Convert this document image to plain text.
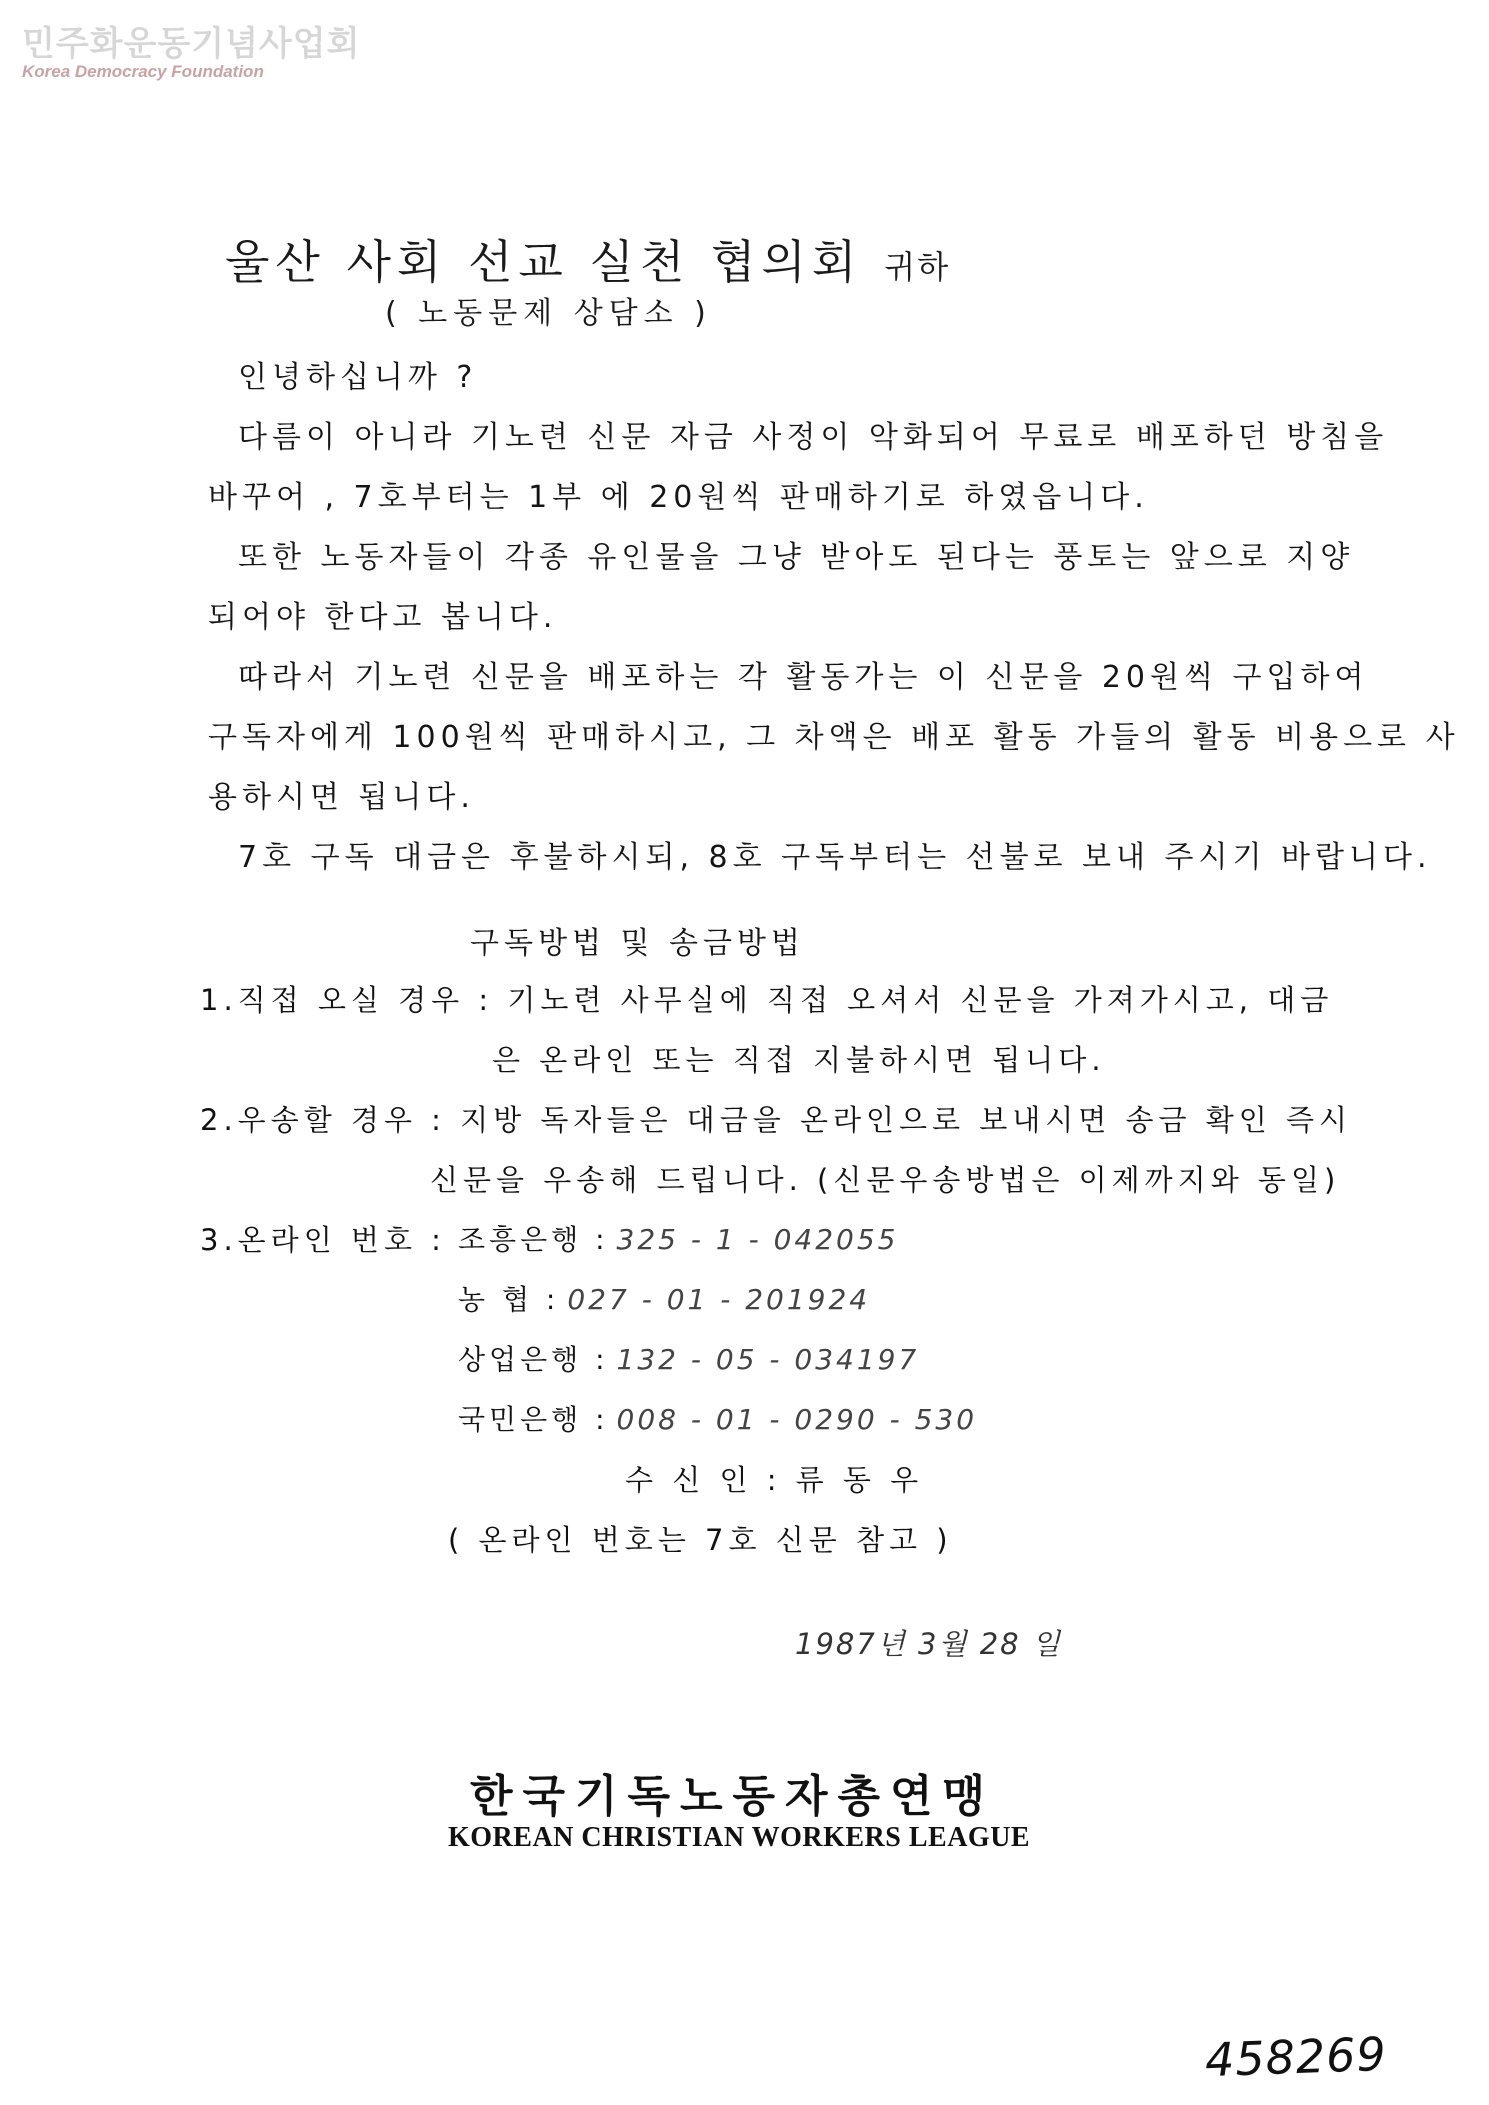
민주화운동기념사업회
Korea Democracy Foundation
울산 사회 선교 실천 협의회 귀하
( 노동문제 상담소 )
인녕하십니까 ?
다름이 아니라 기노련 신문 자금 사정이 악화되어 무료로 배포하던 방침을
바꾸어 , 7호부터는 1부 에 20원씩 판매하기로 하였읍니다.
또한 노동자들이 각종 유인물을 그냥 받아도 된다는 풍토는 앞으로 지양
되어야 한다고 봅니다.
따라서 기노련 신문을 배포하는 각 활동가는 이 신문을 20원씩 구입하여
구독자에게 100원씩 판매하시고, 그 차액은 배포 활동 가들의 활동 비용으로 사
용하시면 됩니다.
7호 구독 대금은 후불하시되, 8호 구독부터는 선불로 보내 주시기 바랍니다.
구독방법 및 송금방법
1.직접 오실 경우 : 기노련 사무실에 직접 오셔서 신문을 가져가시고, 대금
은 온라인 또는 직접 지불하시면 됩니다.
2.우송할 경우 : 지방 독자들은 대금을 온라인으로 보내시면 송금 확인 즉시
신문을 우송해 드립니다. (신문우송방법은 이제까지와 동일)
3.온라인 번호 : 조흥은행 : 325 - 1 - 042055
농 협 : 027 - 01 - 201924
상업은행 : 132 - 05 - 034197
국민은행 : 008 - 01 - 0290 - 530
수 신 인 : 류 동 우
( 온라인 번호는 7호 신문 참고 )
1987년 3월 28 일
한국기독노동자총연맹
KOREAN CHRISTIAN WORKERS LEAGUE
458269
